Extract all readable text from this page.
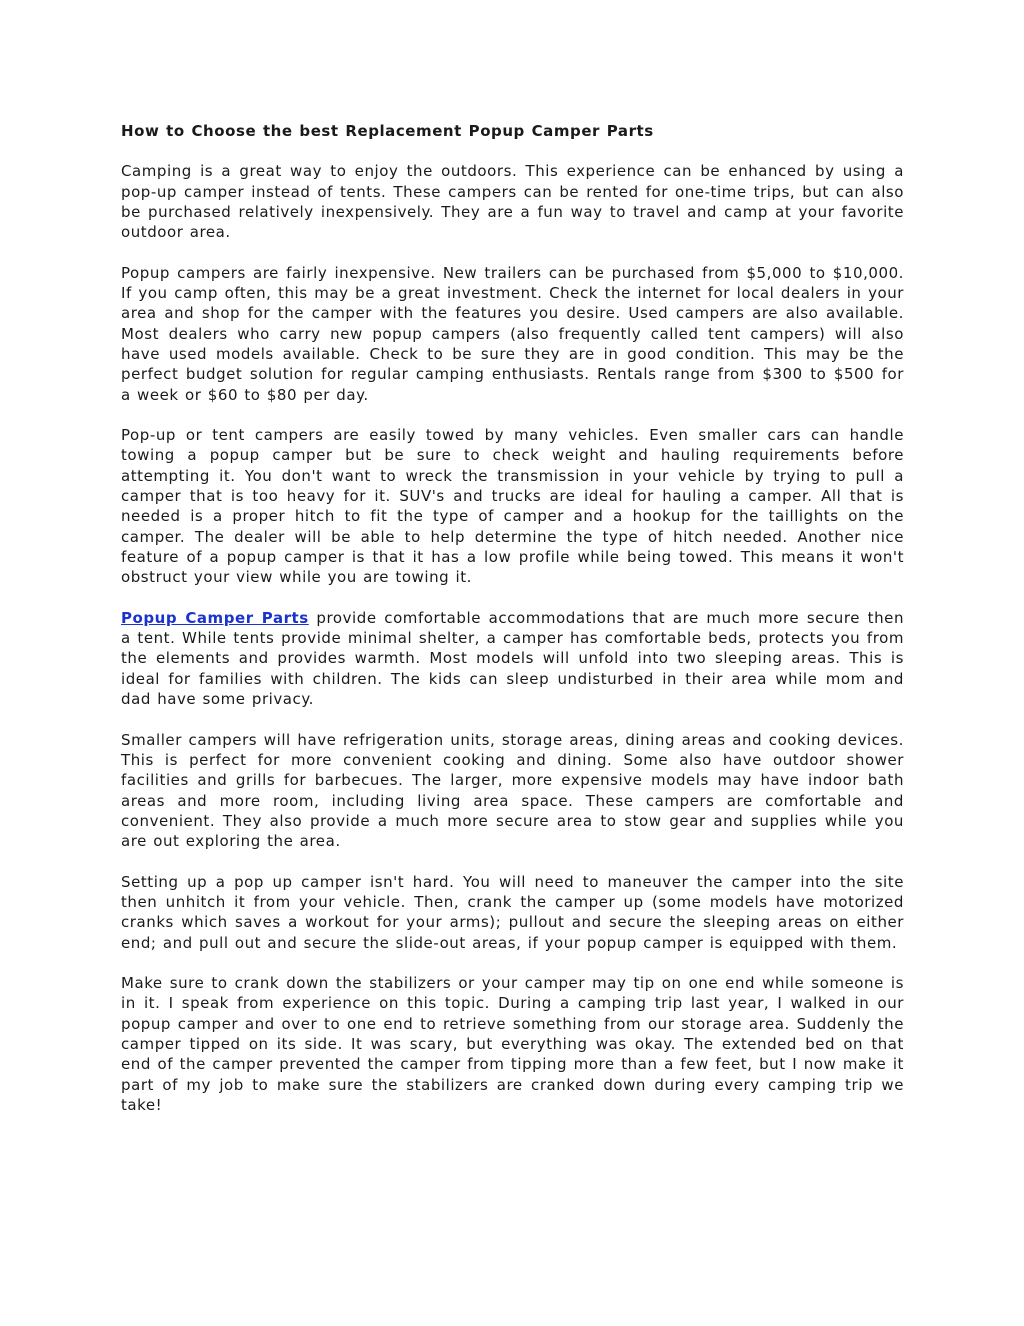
How to Choose the best Replacement Popup Camper Parts

Camping is a great way to enjoy the outdoors. This experience can be enhanced by using a pop-up camper instead of tents. These campers can be rented for one-time trips, but can also be purchased relatively inexpensively. They are a fun way to travel and camp at your favorite outdoor area.

Popup campers are fairly inexpensive. New trailers can be purchased from $5,000 to $10,000. If you camp often, this may be a great investment. Check the internet for local dealers in your area and shop for the camper with the features you desire. Used campers are also available. Most dealers who carry new popup campers (also frequently called tent campers) will also have used models available. Check to be sure they are in good condition. This may be the perfect budget solution for regular camping enthusiasts. Rentals range from $300 to $500 for a week or $60 to $80 per day.

Pop-up or tent campers are easily towed by many vehicles. Even smaller cars can handle towing a popup camper but be sure to check weight and hauling requirements before attempting it. You don't want to wreck the transmission in your vehicle by trying to pull a camper that is too heavy for it. SUV's and trucks are ideal for hauling a camper. All that is needed is a proper hitch to fit the type of camper and a hookup for the taillights on the camper. The dealer will be able to help determine the type of hitch needed. Another nice feature of a popup camper is that it has a low profile while being towed. This means it won't obstruct your view while you are towing it.

Popup Camper Parts provide comfortable accommodations that are much more secure then a tent. While tents provide minimal shelter, a camper has comfortable beds, protects you from the elements and provides warmth. Most models will unfold into two sleeping areas. This is ideal for families with children. The kids can sleep undisturbed in their area while mom and dad have some privacy.

Smaller campers will have refrigeration units, storage areas, dining areas and cooking devices. This is perfect for more convenient cooking and dining. Some also have outdoor shower facilities and grills for barbecues. The larger, more expensive models may have indoor bath areas and more room, including living area space. These campers are comfortable and convenient. They also provide a much more secure area to stow gear and supplies while you are out exploring the area.

Setting up a pop up camper isn't hard. You will need to maneuver the camper into the site then unhitch it from your vehicle. Then, crank the camper up (some models have motorized cranks which saves a workout for your arms); pullout and secure the sleeping areas on either end; and pull out and secure the slide-out areas, if your popup camper is equipped with them.

Make sure to crank down the stabilizers or your camper may tip on one end while someone is in it. I speak from experience on this topic. During a camping trip last year, I walked in our popup camper and over to one end to retrieve something from our storage area. Suddenly the camper tipped on its side. It was scary, but everything was okay. The extended bed on that end of the camper prevented the camper from tipping more than a few feet, but I now make it part of my job to make sure the stabilizers are cranked down during every camping trip we take!
